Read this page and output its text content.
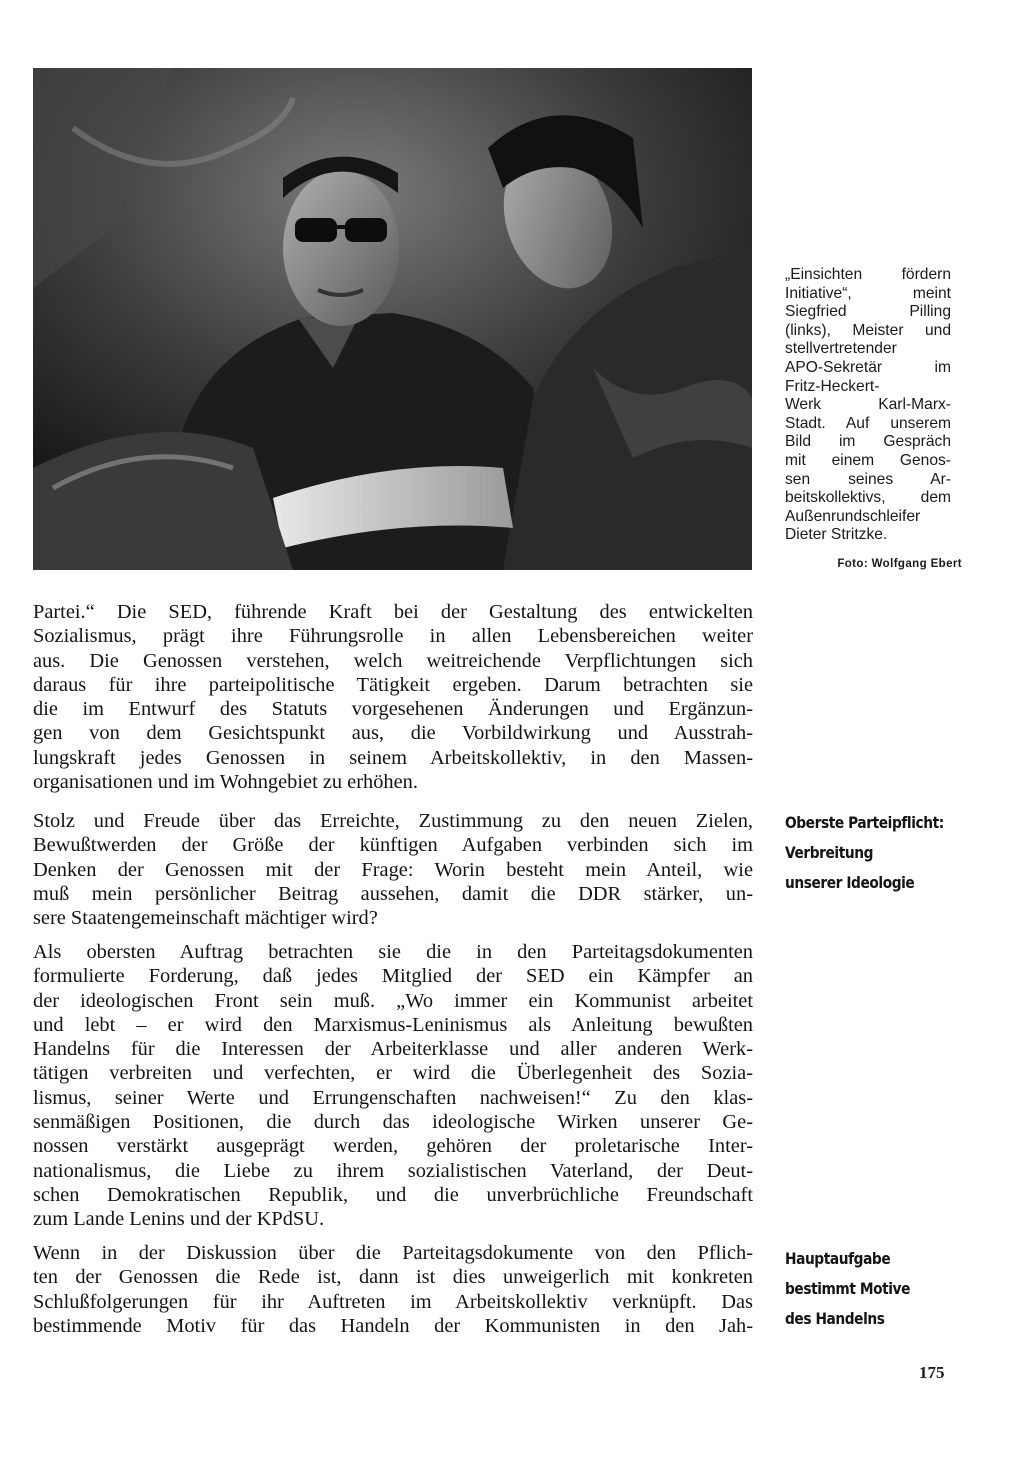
„Einsichten fördern
Initiative“, meint
Siegfried Pilling
(links), Meister und
stellvertretender
APO-Sekretär im
Fritz-Heckert-
Werk Karl-Marx-
Stadt. Auf unserem
Bild im Gespräch
mit einem Genos-
sen seines Ar-
beitskollektivs, dem
Außenrundschleifer
Dieter Stritzke.
Foto: Wolfgang Ebert
Partei.“ Die SED, führende Kraft bei der Gestaltung des entwickelten
Sozialismus, prägt ihre Führungsrolle in allen Lebensbereichen weiter
aus. Die Genossen verstehen, welch weitreichende Verpflichtungen sich
daraus für ihre parteipolitische Tätigkeit ergeben. Darum betrachten sie
die im Entwurf des Statuts vorgesehenen Änderungen und Ergänzun-
gen von dem Gesichtspunkt aus, die Vorbildwirkung und Ausstrah-
lungskraft jedes Genossen in seinem Arbeitskollektiv, in den Massen-
organisationen und im Wohngebiet zu erhöhen.
Stolz und Freude über das Erreichte, Zustimmung zu den neuen Zielen,
Bewußtwerden der Größe der künftigen Aufgaben verbinden sich im
Denken der Genossen mit der Frage: Worin besteht mein Anteil, wie
muß mein persönlicher Beitrag aussehen, damit die DDR stärker, un-
sere Staatengemeinschaft mächtiger wird?
Als obersten Auftrag betrachten sie die in den Parteitagsdokumenten
formulierte Forderung, daß jedes Mitglied der SED ein Kämpfer an
der ideologischen Front sein muß. „Wo immer ein Kommunist arbeitet
und lebt – er wird den Marxismus-Leninismus als Anleitung bewußten
Handelns für die Interessen der Arbeiterklasse und aller anderen Werk-
tätigen verbreiten und verfechten, er wird die Überlegenheit des Sozia-
lismus, seiner Werte und Errungenschaften nachweisen!“ Zu den klas-
senmäßigen Positionen, die durch das ideologische Wirken unserer Ge-
nossen verstärkt ausgeprägt werden, gehören der proletarische Inter-
nationalismus, die Liebe zu ihrem sozialistischen Vaterland, der Deut-
schen Demokratischen Republik, und die unverbrüchliche Freundschaft
zum Lande Lenins und der KPdSU.
Wenn in der Diskussion über die Parteitagsdokumente von den Pflich-
ten der Genossen die Rede ist, dann ist dies unweigerlich mit konkreten
Schlußfolgerungen für ihr Auftreten im Arbeitskollektiv verknüpft. Das
bestimmende Motiv für das Handeln der Kommunisten in den Jah-
Oberste Parteipflicht:
Verbreitung
unserer Ideologie
Hauptaufgabe
bestimmt Motive
des Handelns
175
